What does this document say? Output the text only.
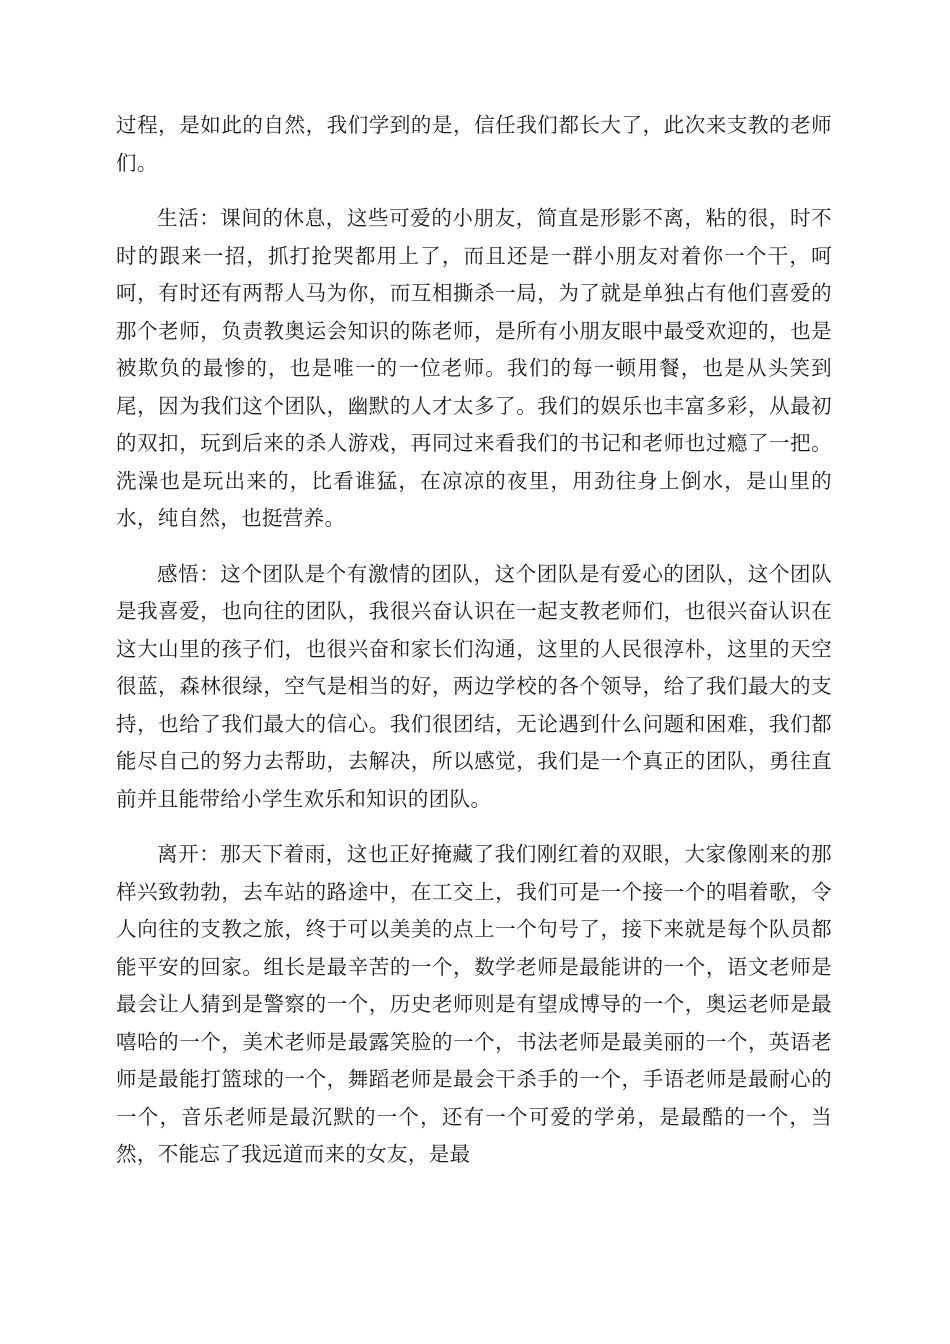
过程，是如此的自然，我们学到的是，信任我们都长大了，此次来支教的老师们。

生活：课间的休息，这些可爱的小朋友，简直是形影不离，粘的很，时不时的跟来一招，抓打抢哭都用上了，而且还是一群小朋友对着你一个干，呵呵，有时还有两帮人马为你，而互相撕杀一局，为了就是单独占有他们喜爱的那个老师，负责教奥运会知识的陈老师，是所有小朋友眼中最受欢迎的，也是被欺负的最惨的，也是唯一的一位老师。我们的每一顿用餐，也是从头笑到尾，因为我们这个团队，幽默的人才太多了。我们的娱乐也丰富多彩，从最初的双扣，玩到后来的杀人游戏，再同过来看我们的书记和老师也过瘾了一把。洗澡也是玩出来的，比看谁猛，在凉凉的夜里，用劲往身上倒水，是山里的水，纯自然，也挺营养。

感悟：这个团队是个有激情的团队，这个团队是有爱心的团队，这个团队是我喜爱，也向往的团队，我很兴奋认识在一起支教老师们，也很兴奋认识在这大山里的孩子们，也很兴奋和家长们沟通，这里的人民很淳朴，这里的天空很蓝，森林很绿，空气是相当的好，两边学校的各个领导，给了我们最大的支持，也给了我们最大的信心。我们很团结，无论遇到什么问题和困难，我们都能尽自己的努力去帮助，去解决，所以感觉，我们是一个真正的团队，勇往直前并且能带给小学生欢乐和知识的团队。

离开：那天下着雨，这也正好掩藏了我们刚红着的双眼，大家像刚来的那样兴致勃勃，去车站的路途中，在工交上，我们可是一个接一个的唱着歌，令人向往的支教之旅，终于可以美美的点上一个句号了，接下来就是每个队员都能平安的回家。组长是最辛苦的一个，数学老师是最能讲的一个，语文老师是最会让人猜到是警察的一个，历史老师则是有望成博导的一个，奥运老师是最嘻哈的一个，美术老师是最露笑脸的一个，书法老师是最美丽的一个，英语老师是最能打篮球的一个，舞蹈老师是最会干杀手的一个，手语老师是最耐心的一个，音乐老师是最沉默的一个，还有一个可爱的学弟，是最酷的一个，当然，不能忘了我远道而来的女友，是最
